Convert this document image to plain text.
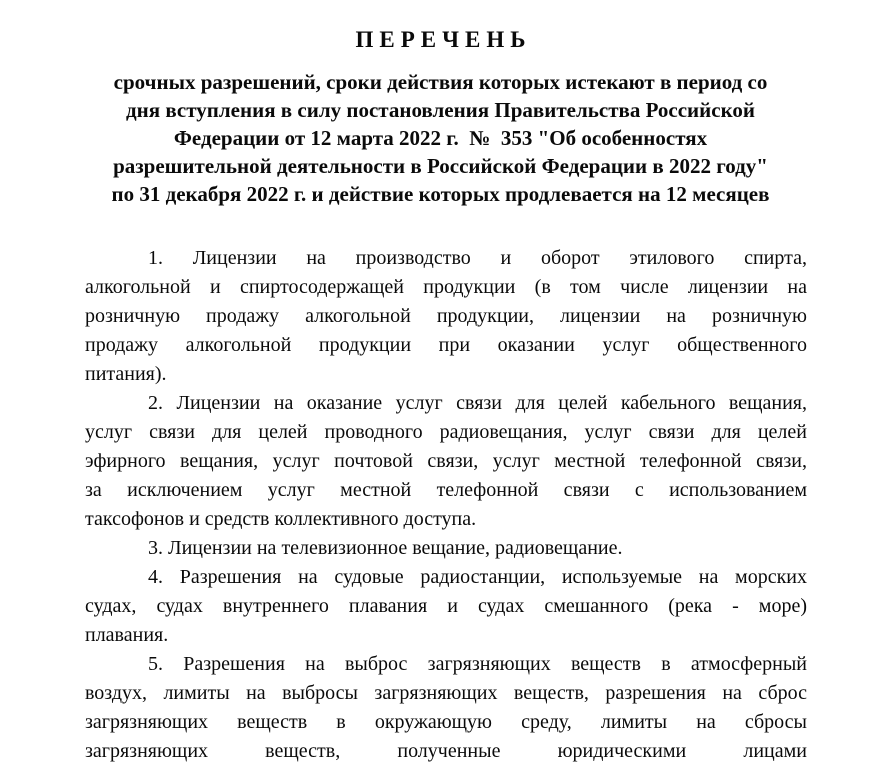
ПЕРЕЧЕНЬ
срочных разрешений, сроки действия которых истекают в период со
дня вступления в силу постановления Правительства Российской
Федерации от 12 марта 2022 г.  №  353 "Об особенностях
разрешительной деятельности в Российской Федерации в 2022 году"
по 31 декабря 2022 г. и действие которых продлевается на 12 месяцев
1. Лицензии на производство и оборот этилового спирта,
алкогольной и спиртосодержащей продукции (в том числе лицензии на
розничную продажу алкогольной продукции, лицензии на розничную
продажу алкогольной продукции при оказании услуг общественного
питания).
2. Лицензии на оказание услуг связи для целей кабельного вещания,
услуг связи для целей проводного радиовещания, услуг связи для целей
эфирного вещания, услуг почтовой связи, услуг местной телефонной связи,
за исключением услуг местной телефонной связи с использованием
таксофонов и средств коллективного доступа.
3. Лицензии на телевизионное вещание, радиовещание.
4. Разрешения на судовые радиостанции, используемые на морских
судах, судах внутреннего плавания и судах смешанного (река - море)
плавания.
5. Разрешения на выброс загрязняющих веществ в атмосферный
воздух, лимиты на выбросы загрязняющих веществ, разрешения на сброс
загрязняющих веществ в окружающую среду, лимиты на сбросы
загрязняющих веществ, полученные юридическими лицами
